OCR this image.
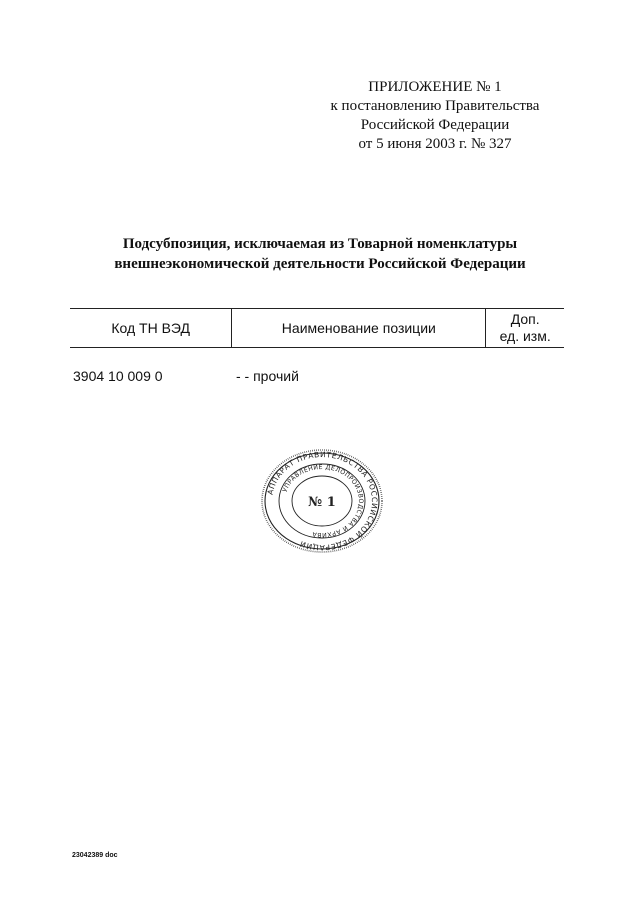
ПРИЛОЖЕНИЕ № 1
к постановлению Правительства
Российской Федерации
от 5 июня 2003 г. № 327
Подсубпозиция, исключаемая из Товарной номенклатуры
внешнеэкономической деятельности Российской Федерации
Код ТН ВЭД	Наименование позиции
Доп.
ед. изм.
3904 10 009 0	- - прочий
АППАРАТ ПРАВИТЕЛЬСТВА РОССИЙСКОЙ ФЕДЕРАЦИИ
УПРАВЛЕНИЕ ДЕЛОПРОИЗВОДСТВА И АРХИВА
№ 1
23042389 doc
